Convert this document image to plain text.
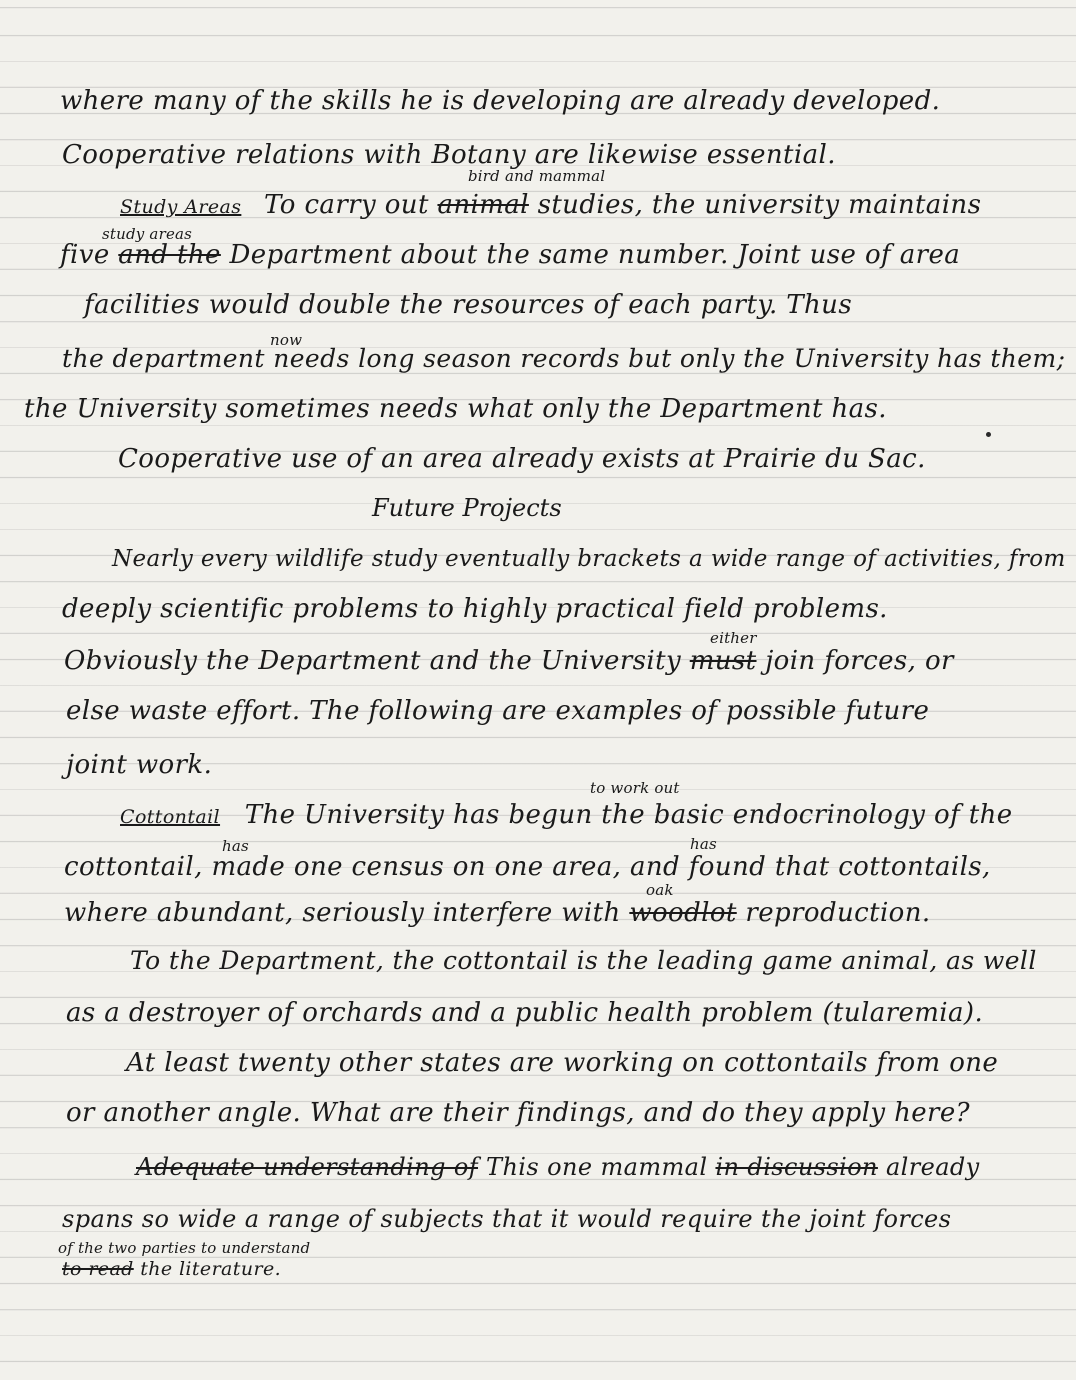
where many of the skills he is developing are already developed.
Cooperative relations with Botany are likewise essential.
bird and mammal
Study Areas To carry out animal studies, the university maintains
study areas
five and the Department about the same number. Joint use of area
facilities would double the resources of each party. Thus
now
the department needs long season records but only the University has them;
the University sometimes needs what only the Department has.
Cooperative use of an area already exists at Prairie du Sac.
Future Projects
Nearly every wildlife study eventually brackets a wide range of activities, from
deeply scientific problems to highly practical field problems.
either
Obviously the Department and the University must join forces, or
else waste effort. The following are examples of possible future
joint work.
to work out
Cottontail The University has begun the basic endocrinology of the
has	has
cottontail, made one census on one area, and found that cottontails,
oak
where abundant, seriously interfere with woodlot reproduction.
To the Department, the cottontail is the leading game animal, as well
as a destroyer of orchards and a public health problem (tularemia).
At least twenty other states are working on cottontails from one
or another angle. What are their findings, and do they apply here?
Adequate understanding of This one mammal in discussion already
spans so wide a range of subjects that it would require the joint forces
of the two parties to understand
to read the literature.
